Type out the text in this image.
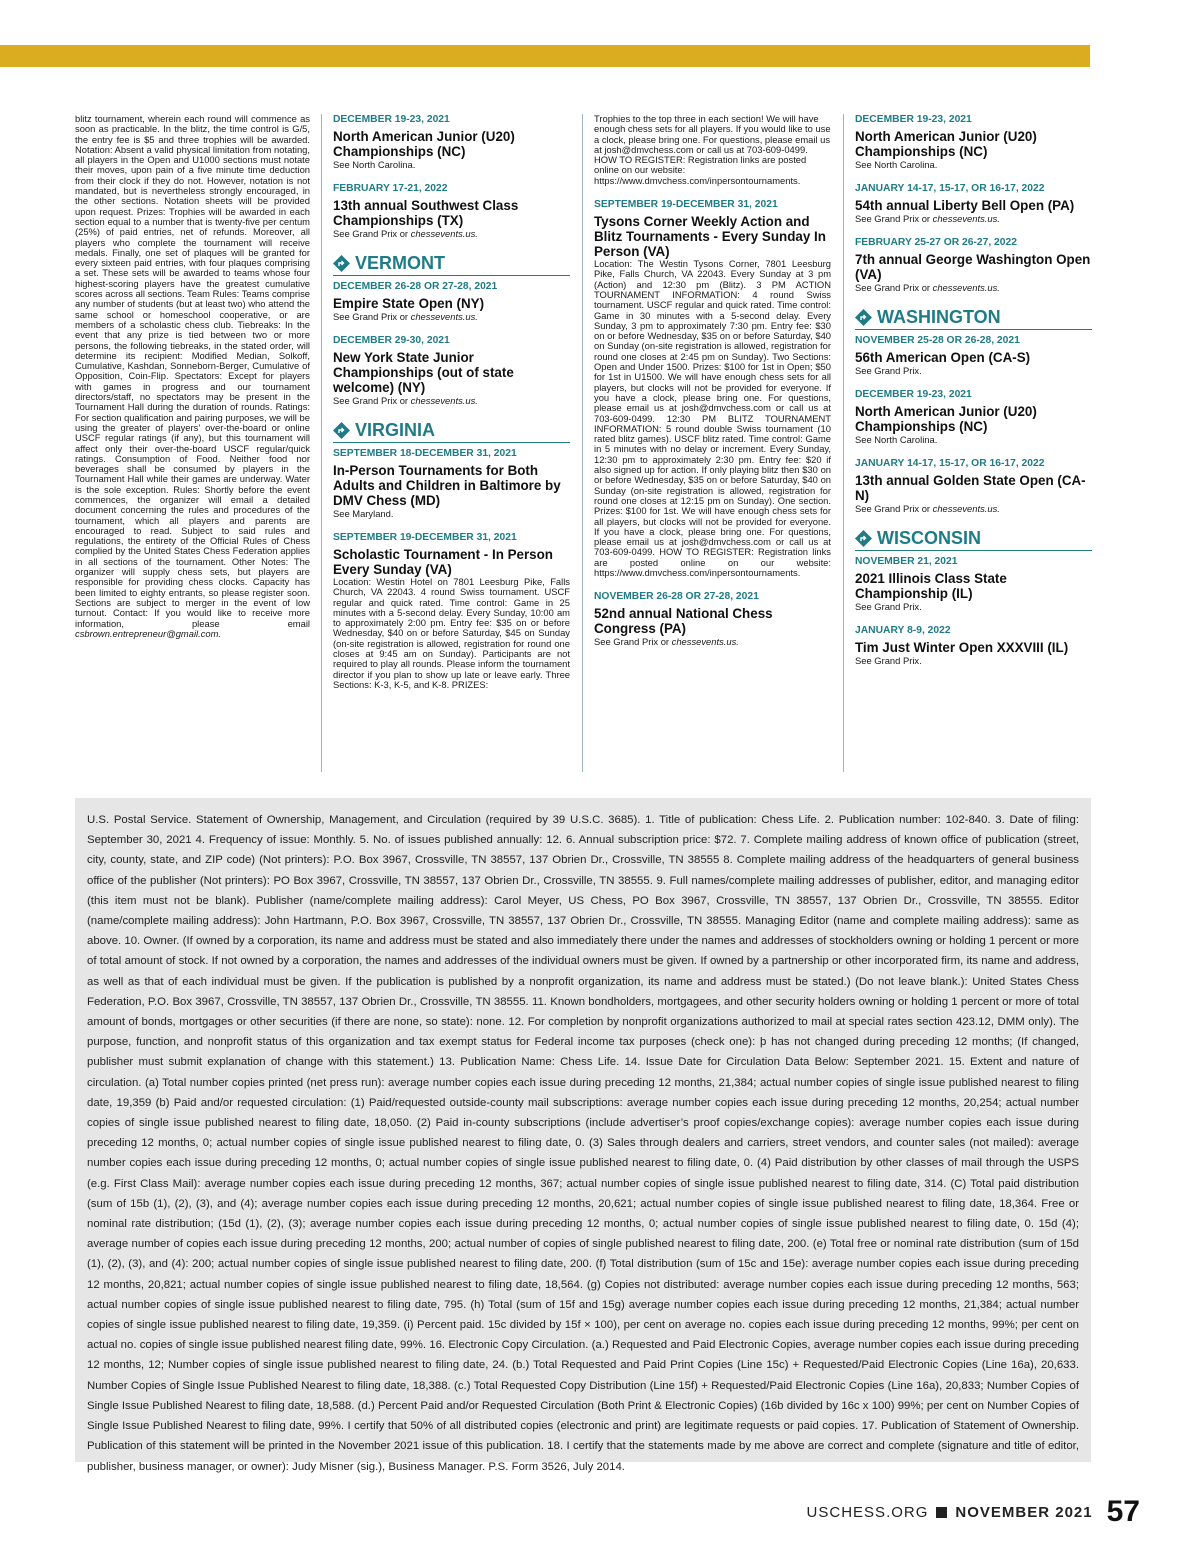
blitz tournament, wherein each round will commence as soon as practicable. In the blitz, the time control is G/5, the entry fee is $5 and three trophies will be awarded. Notation: Absent a valid physical limitation from notating, all players in the Open and U1000 sections must notate their moves, upon pain of a five minute time deduction from their clock if they do not. However, notation is not mandated, but is nevertheless strongly encouraged, in the other sections. Notation sheets will be provided upon request. Prizes: Trophies will be awarded in each section equal to a number that is twenty-five per centum (25%) of paid entries, net of refunds. Moreover, all players who complete the tournament will receive medals. Finally, one set of plaques will be granted for every sixteen paid entries, with four plaques comprising a set. These sets will be awarded to teams whose four highest-scoring players have the greatest cumulative scores across all sections. Team Rules: Teams comprise any number of students (but at least two) who attend the same school or homeschool cooperative, or are members of a scholastic chess club. Tiebreaks: In the event that any prize is tied between two or more persons, the following tiebreaks, in the stated order, will determine its recipient: Modified Median, Solkoff, Cumulative, Kashdan, Sonneborn-Berger, Cumulative of Opposition, Coin-Flip. Spectators: Except for players with games in progress and our tournament directors/staff, no spectators may be present in the Tournament Hall during the duration of rounds. Ratings: For section qualification and pairing purposes, we will be using the greater of players’ over-the-board or online USCF regular ratings (if any), but this tournament will affect only their over-the-board USCF regular/quick ratings. Consumption of Food. Neither food nor beverages shall be consumed by players in the Tournament Hall while their games are underway. Water is the sole exception. Rules: Shortly before the event commences, the organizer will email a detailed document concerning the rules and procedures of the tournament, which all players and parents are encouraged to read. Subject to said rules and regulations, the entirety of the Official Rules of Chess complied by the United States Chess Federation applies in all sections of the tournament. Other Notes: The organizer will supply chess sets, but players are responsible for providing chess clocks. Capacity has been limited to eighty entrants, so please register soon. Sections are subject to merger in the event of low turnout. Contact: If you would like to receive more information, please email csbrown.entrepreneur@gmail.com.
DECEMBER 19-23, 2021
North American Junior (U20) Championships (NC)
See North Carolina.
FEBRUARY 17-21, 2022
13th annual Southwest Class Championships (TX)
See Grand Prix or chessevents.us.
VERMONT
DECEMBER 26-28 OR 27-28, 2021
Empire State Open (NY)
See Grand Prix or chessevents.us.
DECEMBER 29-30, 2021
New York State Junior Championships (out of state welcome) (NY)
See Grand Prix or chessevents.us.
VIRGINIA
SEPTEMBER 18-DECEMBER 31, 2021
In-Person Tournaments for Both Adults and Children in Baltimore by DMV Chess (MD)
See Maryland.
SEPTEMBER 19-DECEMBER 31, 2021
Scholastic Tournament - In Person Every Sunday (VA)
Location: Westin Hotel on 7801 Leesburg Pike, Falls Church, VA 22043. 4 round Swiss tournament. USCF regular and quick rated. Time control: Game in 25 minutes with a 5-second delay. Every Sunday, 10:00 am to approximately 2:00 pm. Entry fee: $35 on or before Wednesday, $40 on or before Saturday, $45 on Sunday (on-site registration is allowed, registration for round one closes at 9:45 am on Sunday). Participants are not required to play all rounds. Please inform the tournament director if you plan to show up late or leave early. Three Sections: K-3, K-5, and K-8. PRIZES:
Trophies to the top three in each section! We will have enough chess sets for all players. If you would like to use a clock, please bring one. For questions, please email us at josh@dmvchess.com or call us at 703-609-0499. HOW TO REGISTER: Registration links are posted online on our website: https://www.dmvchess.com/inpersontournaments.
SEPTEMBER 19-DECEMBER 31, 2021
Tysons Corner Weekly Action and Blitz Tournaments - Every Sunday In Person (VA)
Location: The Westin Tysons Corner, 7801 Leesburg Pike, Falls Church, VA 22043. Every Sunday at 3 pm (Action) and 12:30 pm (Blitz). 3 PM ACTION TOURNAMENT INFORMATION: 4 round Swiss tournament. USCF regular and quick rated. Time control: Game in 30 minutes with a 5-second delay. Every Sunday, 3 pm to approximately 7:30 pm. Entry fee: $30 on or before Wednesday, $35 on or before Saturday, $40 on Sunday (on-site registration is allowed, registration for round one closes at 2:45 pm on Sunday). Two Sections: Open and Under 1500. Prizes: $100 for 1st in Open; $50 for 1st in U1500. We will have enough chess sets for all players, but clocks will not be provided for everyone. If you have a clock, please bring one. For questions, please email us at josh@dmvchess.com or call us at 703-609-0499. 12:30 PM BLITZ TOURNAMENT INFORMATION: 5 round double Swiss tournament (10 rated blitz games). USCF blitz rated. Time control: Game in 5 minutes with no delay or increment. Every Sunday, 12:30 pm to approximately 2:30 pm. Entry fee: $20 if also signed up for action. If only playing blitz then $30 on or before Wednesday, $35 on or before Saturday, $40 on Sunday (on-site registration is allowed, registration for round one closes at 12:15 pm on Sunday). One section. Prizes: $100 for 1st. We will have enough chess sets for all players, but clocks will not be provided for everyone. If you have a clock, please bring one. For questions, please email us at josh@dmvchess.com or call us at 703-609-0499. HOW TO REGISTER: Registration links are posted online on our website: https://www.dmvchess.com/inpersontournaments.
NOVEMBER 26-28 OR 27-28, 2021
52nd annual National Chess Congress (PA)
See Grand Prix or chessevents.us.
DECEMBER 19-23, 2021
North American Junior (U20) Championships (NC)
See North Carolina.
JANUARY 14-17, 15-17, OR 16-17, 2022
54th annual Liberty Bell Open (PA)
See Grand Prix or chessevents.us.
FEBRUARY 25-27 OR 26-27, 2022
7th annual George Washington Open (VA)
See Grand Prix or chessevents.us.
WASHINGTON
NOVEMBER 25-28 OR 26-28, 2021
56th American Open (CA-S)
See Grand Prix.
DECEMBER 19-23, 2021
North American Junior (U20) Championships (NC)
See North Carolina.
JANUARY 14-17, 15-17, OR 16-17, 2022
13th annual Golden State Open (CA-N)
See Grand Prix or chessevents.us.
WISCONSIN
NOVEMBER 21, 2021
2021 Illinois Class State Championship (IL)
See Grand Prix.
JANUARY 8-9, 2022
Tim Just Winter Open XXXVIII (IL)
See Grand Prix.
U.S. Postal Service. Statement of Ownership, Management, and Circulation (required by 39 U.S.C. 3685). 1. Title of publication: Chess Life. 2. Publication number: 102-840. 3. Date of filing: September 30, 2021 4. Frequency of issue: Monthly. 5. No. of issues published annually: 12. 6. Annual subscription price: $72. 7. Complete mailing address of known office of publication (street, city, county, state, and ZIP code) (Not printers): P.O. Box 3967, Crossville, TN 38557, 137 Obrien Dr., Crossville, TN 38555 8. Complete mailing address of the headquarters of general business office of the publisher (Not printers): PO Box 3967, Crossville, TN 38557, 137 Obrien Dr., Crossville, TN 38555. 9. Full names/complete mailing addresses of publisher, editor, and managing editor (this item must not be blank). Publisher (name/complete mailing address): Carol Meyer, US Chess, PO Box 3967, Crossville, TN 38557, 137 Obrien Dr., Crossville, TN 38555. Editor (name/complete mailing address): John Hartmann, P.O. Box 3967, Crossville, TN 38557, 137 Obrien Dr., Crossville, TN 38555. Managing Editor (name and complete mailing address): same as above. 10. Owner. (If owned by a corporation, its name and address must be stated and also immediately there under the names and addresses of stockholders owning or holding 1 percent or more of total amount of stock. If not owned by a corporation, the names and addresses of the individual owners must be given. If owned by a partnership or other incorporated firm, its name and address, as well as that of each individual must be given. If the publication is published by a nonprofit organization, its name and address must be stated.) (Do not leave blank.): United States Chess Federation, P.O. Box 3967, Crossville, TN 38557, 137 Obrien Dr., Crossville, TN 38555. 11. Known bondholders, mortgagees, and other security holders owning or holding 1 percent or more of total amount of bonds, mortgages or other securities (if there are none, so state): none. 12. For completion by nonprofit organizations authorized to mail at special rates section 423.12, DMM only). The purpose, function, and nonprofit status of this organization and tax exempt status for Federal income tax purposes (check one): þ has not changed during preceding 12 months; (If changed, publisher must submit explanation of change with this statement.) 13. Publication Name: Chess Life. 14. Issue Date for Circulation Data Below: September 2021. 15. Extent and nature of circulation. (a) Total number copies printed (net press run): average number copies each issue during preceding 12 months, 21,384; actual number copies of single issue published nearest to filing date, 19,359 (b) Paid and/or requested circulation: (1) Paid/requested outside-county mail subscriptions: average number copies each issue during preceding 12 months, 20,254; actual number copies of single issue published nearest to filing date, 18,050. (2) Paid in-county subscriptions (include advertiser’s proof copies/exchange copies): average number copies each issue during preceding 12 months, 0; actual number copies of single issue published nearest to filing date, 0. (3) Sales through dealers and carriers, street vendors, and counter sales (not mailed): average number copies each issue during preceding 12 months, 0; actual number copies of single issue published nearest to filing date, 0. (4) Paid distribution by other classes of mail through the USPS (e.g. First Class Mail): average number copies each issue during preceding 12 months, 367; actual number copies of single issue published nearest to filing date, 314. (C) Total paid distribution (sum of 15b (1), (2), (3), and (4); average number copies each issue during preceding 12 months, 20,621; actual number copies of single issue published nearest to filing date, 18,364. Free or nominal rate distribution; (15d (1), (2), (3); average number copies each issue during preceding 12 months, 0; actual number copies of single issue published nearest to filing date, 0. 15d (4); average number of copies each issue during preceding 12 months, 200; actual number of copies of single published nearest to filing date, 200. (e) Total free or nominal rate distribution (sum of 15d (1), (2), (3), and (4): 200; actual number copies of single issue published nearest to filing date, 200. (f) Total distribution (sum of 15c and 15e): average number copies each issue during preceding 12 months, 20,821; actual number copies of single issue published nearest to filing date, 18,564. (g) Copies not distributed: average number copies each issue during preceding 12 months, 563; actual number copies of single issue published nearest to filing date, 795. (h) Total (sum of 15f and 15g) average number copies each issue during preceding 12 months, 21,384; actual number copies of single issue published nearest to filing date, 19,359. (i) Percent paid. 15c divided by 15f × 100), per cent on average no. copies each issue during preceding 12 months, 99%; per cent on actual no. copies of single issue published nearest filing date, 99%. 16. Electronic Copy Circulation. (a.) Requested and Paid Electronic Copies, average number copies each issue during preceding 12 months, 12; Number copies of single issue published nearest to filing date, 24. (b.) Total Requested and Paid Print Copies (Line 15c) + Requested/Paid Electronic Copies (Line 16a), 20,633. Number Copies of Single Issue Published Nearest to filing date, 18,388. (c.) Total Requested Copy Distribution (Line 15f) + Requested/Paid Electronic Copies (Line 16a), 20,833; Number Copies of Single Issue Published Nearest to filing date, 18,588. (d.) Percent Paid and/or Requested Circulation (Both Print & Electronic Copies) (16b divided by 16c x 100) 99%; per cent on Number Copies of Single Issue Published Nearest to filing date, 99%. I certify that 50% of all distributed copies (electronic and print) are legitimate requests or paid copies. 17. Publication of Statement of Ownership. Publication of this statement will be printed in the November 2021 issue of this publication. 18. I certify that the statements made by me above are correct and complete (signature and title of editor, publisher, business manager, or owner): Judy Misner (sig.), Business Manager. P.S. Form 3526, July 2014.
USCHESS.ORG NOVEMBER 2021 57
